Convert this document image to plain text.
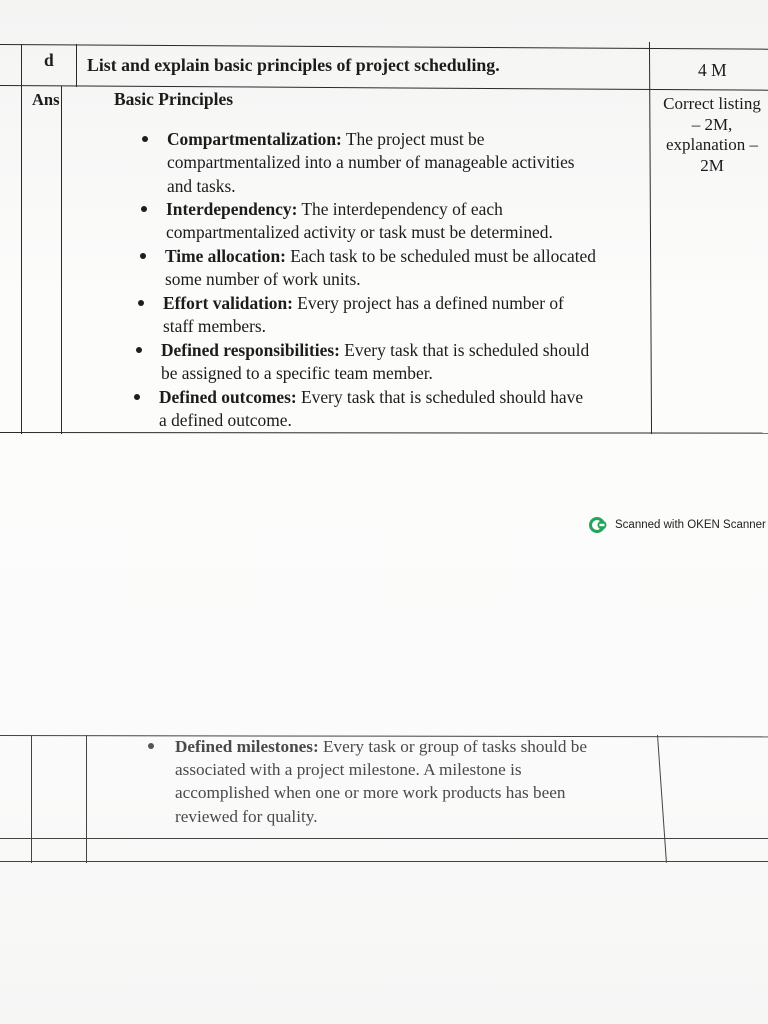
d List and explain basic principles of project scheduling.	4 M
Ans	Basic Principles
Compartmentalization: The project must be
compartmentalized into a number of manageable activities
and tasks.
Interdependency: The interdependency of each
compartmentalized activity or task must be determined.
Time allocation: Each task to be scheduled must be allocated
some number of work units.
Effort validation: Every project has a defined number of
staff members.
Defined responsibilities: Every task that is scheduled should
be assigned to a specific team member.
Defined outcomes: Every task that is scheduled should have
a defined outcome.
Correct listing
– 2M,
explanation –
2M
Scanned with OKEN Scanner
Defined milestones: Every task or group of tasks should be
associated with a project milestone. A milestone is
accomplished when one or more work products has been
reviewed for quality.
